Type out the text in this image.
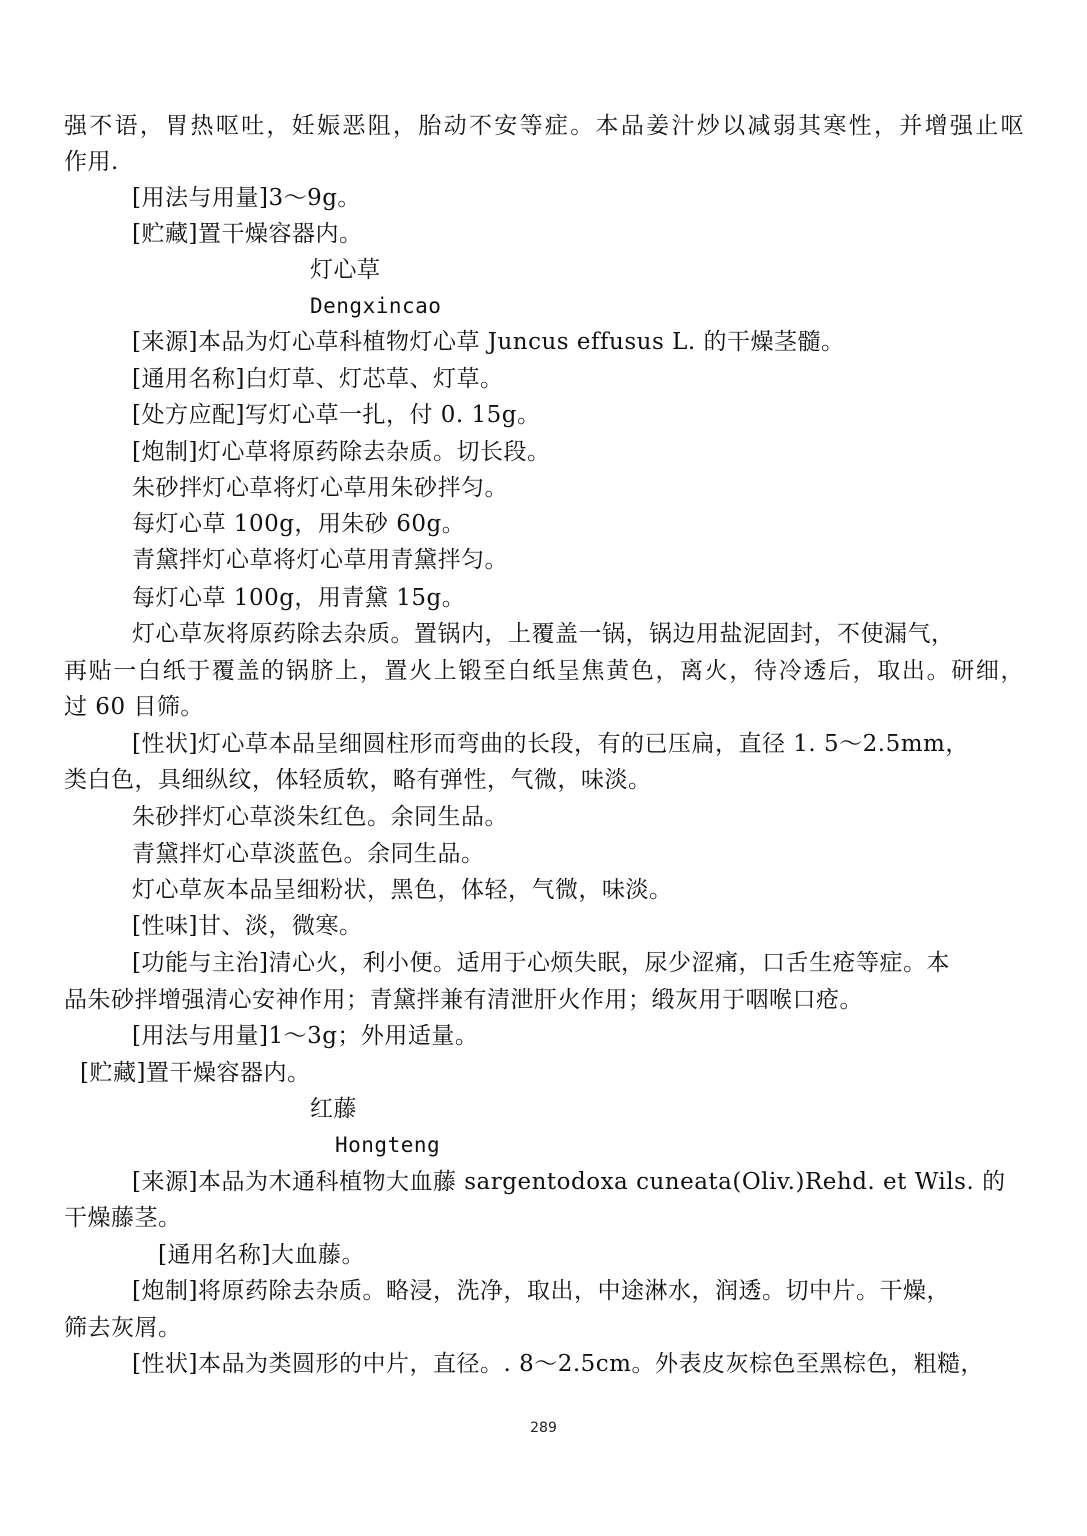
强不语，胃热呕吐，妊娠恶阻，胎动不安等症。本品姜汁炒以减弱其寒性，并增强止呕
作用.
[用法与用量]3～9g。
[贮藏]置干燥容器内。
灯心草
Dengxincao
[来源]本品为灯心草科植物灯心草 Juncus effusus L. 的干燥茎髓。
[通用名称]白灯草、灯芯草、灯草。
[处方应配]写灯心草一扎，付 0. 15g。
[炮制]灯心草将原药除去杂质。切长段。
朱砂拌灯心草将灯心草用朱砂拌匀。
每灯心草 100g，用朱砂 60g。
青黛拌灯心草将灯心草用青黛拌匀。
每灯心草 100g，用青黛 15g。
灯心草灰将原药除去杂质。置锅内，上覆盖一锅，锅边用盐泥固封，不使漏气，
再贴一白纸于覆盖的锅脐上，置火上锻至白纸呈焦黄色，离火，待冷透后，取出。研细，
过 60 目筛。
[性状]灯心草本品呈细圆柱形而弯曲的长段，有的已压扁，直径 1. 5～2.5mm，
类白色，具细纵纹，体轻质软，略有弹性，气微，味淡。
朱砂拌灯心草淡朱红色。余同生品。
青黛拌灯心草淡蓝色。余同生品。
灯心草灰本品呈细粉状，黑色，体轻，气微，味淡。
[性味]甘、淡，微寒。
[功能与主治]清心火，利小便。适用于心烦失眠，尿少涩痛，口舌生疮等症。本
品朱砂拌增强清心安神作用；青黛拌兼有清泄肝火作用；缎灰用于咽喉口疮。
[用法与用量]1～3g；外用适量。
[贮藏]置干燥容器内。
红藤
Hongteng
[来源]本品为木通科植物大血藤 sargentodoxa cuneata(Oliv.)Rehd. et Wils. 的
干燥藤茎。
[通用名称]大血藤。
[炮制]将原药除去杂质。略浸，洗净，取出，中途淋水，润透。切中片。干燥，
筛去灰屑。
[性状]本品为类圆形的中片，直径。. 8～2.5cm。外表皮灰棕色至黑棕色，粗糙，
289
